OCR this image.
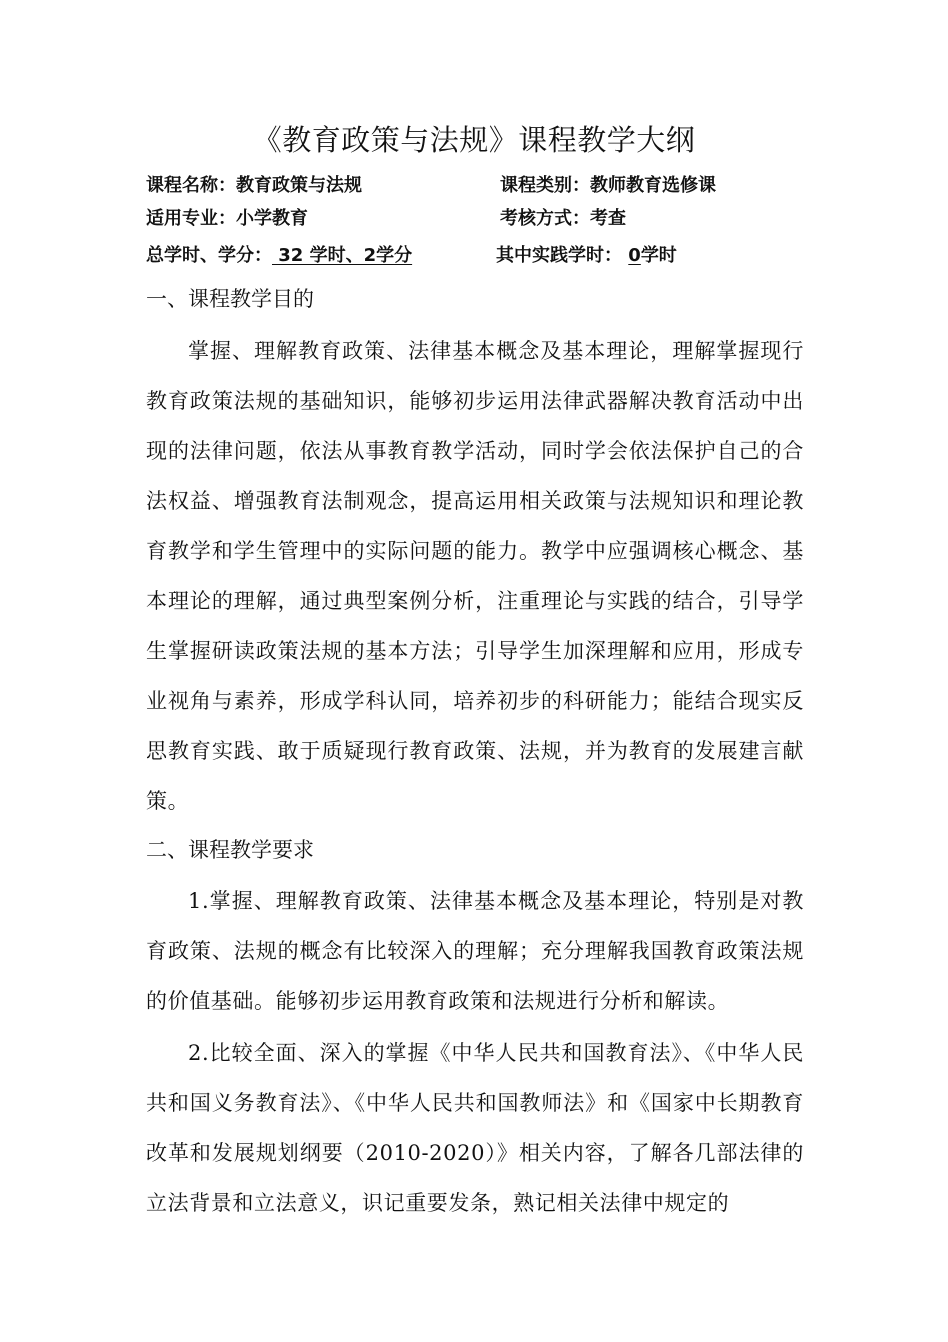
《教育政策与法规》课程教学大纲
课程名称：教育政策与法规	课程类别：教师教育选修课
适用专业：小学教育	考核方式：考查
总学时、学分： 32 学时、2学分	其中实践学时： 0学时
一、课程教学目的

掌握、理解教育政策、法律基本概念及基本理论，理解掌握现行教育政策法规的基础知识，能够初步运用法律武器解决教育活动中出现的法律问题，依法从事教育教学活动，同时学会依法保护自己的合法权益、增强教育法制观念，提高运用相关政策与法规知识和理论教育教学和学生管理中的实际问题的能力。教学中应强调核心概念、基本理论的理解，通过典型案例分析，注重理论与实践的结合，引导学生掌握研读政策法规的基本方法；引导学生加深理解和应用，形成专业视角与素养，形成学科认同，培养初步的科研能力；能结合现实反思教育实践、敢于质疑现行教育政策、法规，并为教育的发展建言献策。

二、课程教学要求

1.掌握、理解教育政策、法律基本概念及基本理论，特别是对教育政策、法规的概念有比较深入的理解；充分理解我国教育政策法规的价值基础。能够初步运用教育政策和法规进行分析和解读。

2.比较全面、深入的掌握《中华人民共和国教育法》、《中华人民共和国义务教育法》、《中华人民共和国教师法》和《国家中长期教育改革和发展规划纲要（2010-2020）》相关内容，了解各几部法律的立法背景和立法意义，识记重要发条，熟记相关法律中规定的
